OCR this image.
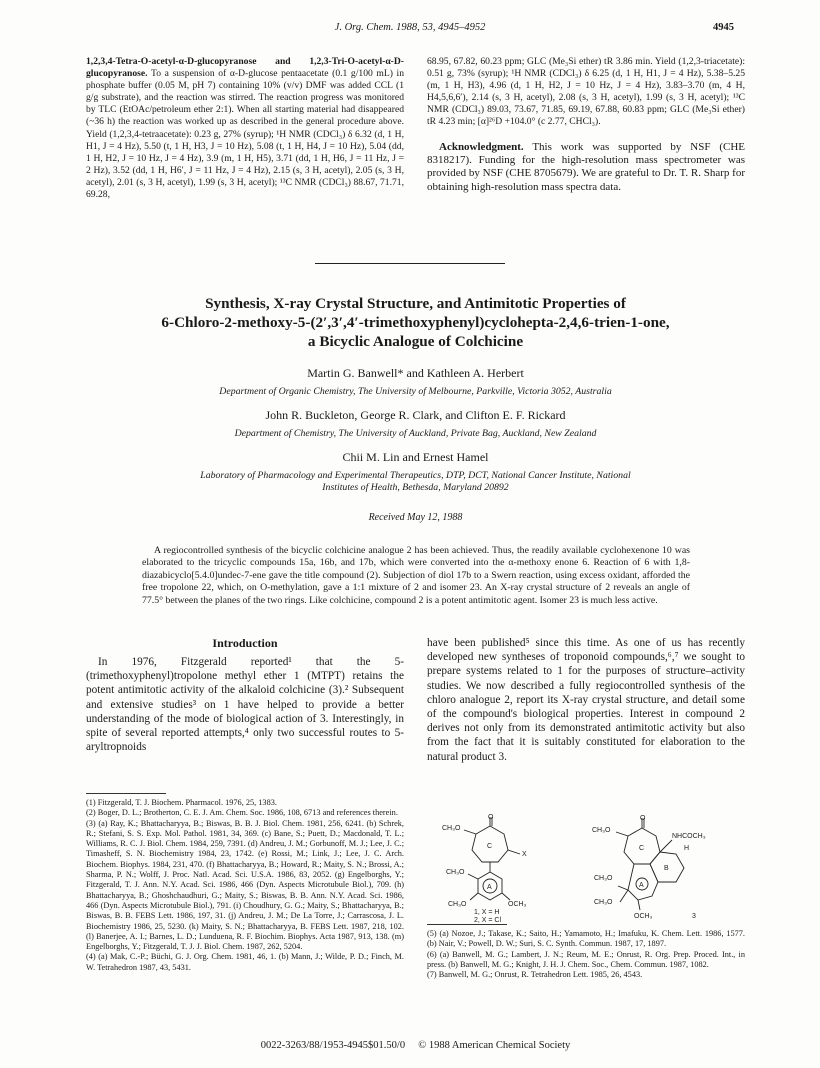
J. Org. Chem. 1988, 53, 4945–4952	4945

1,2,3,4-Tetra-O-acetyl-α-D-glucopyranose and 1,2,3-Tri-O-acetyl-α-D-glucopyranose. To a suspension of α-D-glucose pentaacetate (0.1 g/100 mL) in phosphate buffer (0.05 M, pH 7) containing 10% (v/v) DMF was added CCL (1 g/g substrate), and the reaction was stirred. The reaction progress was monitored by TLC (EtOAc/petroleum ether 2:1). When all starting material had disappeared (~36 h) the reaction was worked up as described in the general procedure above. Yield (1,2,3,4-tetraacetate): 0.23 g, 27% (syrup); ¹H NMR (CDCl₃) δ 6.32 (d, 1 H, H1, J = 4 Hz), 5.50 (t, 1 H, H3, J = 10 Hz), 5.08 (t, 1 H, H4, J = 10 Hz), 5.04 (dd, 1 H, H2, J = 10 Hz, J = 4 Hz), 3.9 (m, 1 H, H5), 3.71 (dd, 1 H, H6, J = 11 Hz, J = 2 Hz), 3.52 (dd, 1 H, H6′, J = 11 Hz, J = 4 Hz), 2.15 (s, 3 H, acetyl), 2.05 (s, 3 H, acetyl), 2.01 (s, 3 H, acetyl), 1.99 (s, 3 H, acetyl); ¹³C NMR (CDCl₃) 88.67, 71.71, 69.28,

68.95, 67.82, 60.23 ppm; GLC (Me₃Si ether) tR 3.86 min. Yield (1,2,3-triacetate): 0.51 g, 73% (syrup); ¹H NMR (CDCl₃) δ 6.25 (d, 1 H, H1, J = 4 Hz), 5.38–5.25 (m, 1 H, H3), 4.96 (d, 1 H, H2, J = 10 Hz, J = 4 Hz), 3.83–3.70 (m, 4 H, H4,5,6,6′), 2.14 (s, 3 H, acetyl), 2.08 (s, 3 H, acetyl), 1.99 (s, 3 H, acetyl); ¹³C NMR (CDCl₃) 89.03, 73.67, 71.85, 69.19, 67.88, 60.83 ppm; GLC (Me₃Si ether) tR 4.23 min; [α]²⁶D +104.0° (c 2.77, CHCl₃).

Acknowledgment. This work was supported by NSF (CHE 8318217). Funding for the high-resolution mass spectrometer was provided by NSF (CHE 8705679). We are grateful to Dr. T. R. Sharp for obtaining high-resolution mass spectra data.

Synthesis, X-ray Crystal Structure, and Antimitotic Properties of
6-Chloro-2-methoxy-5-(2′,3′,4′-trimethoxyphenyl)cyclohepta-2,4,6-trien-1-one,
a Bicyclic Analogue of Colchicine
Martin G. Banwell* and Kathleen A. Herbert
Department of Organic Chemistry, The University of Melbourne, Parkville, Victoria 3052, Australia
John R. Buckleton, George R. Clark, and Clifton E. F. Rickard
Department of Chemistry, The University of Auckland, Private Bag, Auckland, New Zealand
Chii M. Lin and Ernest Hamel
Laboratory of Pharmacology and Experimental Therapeutics, DTP, DCT, National Cancer Institute, National
Institutes of Health, Bethesda, Maryland 20892
Received May 12, 1988
A regiocontrolled synthesis of the bicyclic colchicine analogue 2 has been achieved. Thus, the readily available cyclohexenone 10 was elaborated to the tricyclic compounds 15a, 16b, and 17b, which were converted into the α-methoxy enone 6. Reaction of 6 with 1,8-diazabicyclo[5.4.0]undec-7-ene gave the title compound (2). Subjection of diol 17b to a Swern reaction, using excess oxidant, afforded the free tropolone 22, which, on O-methylation, gave a 1:1 mixture of 2 and isomer 23. An X-ray crystal structure of 2 reveals an angle of 77.5° between the planes of the two rings. Like colchicine, compound 2 is a potent antimitotic agent. Isomer 23 is much less active.
Introduction
In 1976, Fitzgerald reported¹ that the 5-(trimethoxyphenyl)tropolone methyl ether 1 (MTPT) retains the potent antimitotic activity of the alkaloid colchicine (3).² Subsequent and extensive studies³ on 1 have helped to provide a better understanding of the mode of biological action of 3. Interestingly, in spite of several reported attempts,⁴ only two successful routes to 5-aryltropnoids
have been published⁵ since this time. As one of us has recently developed new syntheses of troponoid compounds,⁶,⁷ we sought to prepare systems related to 1 for the purposes of structure–activity studies. We now described a fully regiocontrolled synthesis of the chloro analogue 2, report its X-ray crystal structure, and detail some of the compound's biological properties. Interest in compound 2 derives not only from its demonstrated antimitotic activity but also from the fact that it is suitably constituted for elaboration to the natural product 3.
O
CH₃O
C
X
A
CH₃O
CH₃O	OCH₃
1, X = H
2, X = Cl
O
CH₃O
NHCOCH₃
H
C
B
A
CH₃O
CH₃O
OCH₃	3

(1) Fitzgerald, T. J. Biochem. Pharmacol. 1976, 25, 1383.

(2) Boger, D. L.; Brotherton, C. E. J. Am. Chem. Soc. 1986, 108, 6713 and references therein.

(3) (a) Ray, K.; Bhattacharyya, B.; Biswas, B. B. J. Biol. Chem. 1981, 256, 6241. (b) Schrek, R.; Stefani, S. S. Exp. Mol. Pathol. 1981, 34, 369. (c) Bane, S.; Puett, D.; Macdonald, T. L.; Williams, R. C. J. Biol. Chem. 1984, 259, 7391. (d) Andreu, J. M.; Gorbunoff, M. J.; Lee, J. C.; Timasheff, S. N. Biochemistry 1984, 23, 1742. (e) Rossi, M.; Link, J.; Lee, J. C. Arch. Biochem. Biophys. 1984, 231, 470. (f) Bhattacharyya, B.; Howard, R.; Maity, S. N.; Brossi, A.; Sharma, P. N.; Wolff, J. Proc. Natl. Acad. Sci. U.S.A. 1986, 83, 2052. (g) Engelborghs, Y.; Fitzgerald, T. J. Ann. N.Y. Acad. Sci. 1986, 466 (Dyn. Aspects Microtubule Biol.), 709. (h) Bhattacharyya, B.; Ghoshchaudhuri, G.; Maity, S.; Biswas, B. B. Ann. N.Y. Acad. Sci. 1986, 466 (Dyn. Aspects Microtubule Biol.), 791. (i) Choudhury, G. G.; Maity, S.; Bhattacharyya, B.; Biswas, B. B. FEBS Lett. 1986, 197, 31. (j) Andreu, J. M.; De La Torre, J.; Carrascosa, J. L. Biochemistry 1986, 25, 5230. (k) Maity, S. N.; Bhattacharyya, B. FEBS Lett. 1987, 218, 102. (l) Banerjee, A. I.; Barnes, L. D.; Lunduena, R. F. Biochim. Biophys. Acta 1987, 913, 138. (m) Engelborghs, Y.; Fitzgerald, T. J. J. Biol. Chem. 1987, 262, 5204.

(4) (a) Mak, C.-P.; Büchi, G. J. Org. Chem. 1981, 46, 1. (b) Mann, J.; Wilde, P. D.; Finch, M. W. Tetrahedron 1987, 43, 5431.

(5) (a) Nozoe, J.; Takase, K.; Saito, H.; Yamamoto, H.; Imafuku, K. Chem. Lett. 1986, 1577. (b) Nair, V.; Powell, D. W.; Suri, S. C. Synth. Commun. 1987, 17, 1897.

(6) (a) Banwell, M. G.; Lambert, J. N.; Reum, M. E.; Onrust, R. Org. Prep. Proced. Int., in press. (b) Banwell, M. G.; Knight, J. H. J. Chem. Soc., Chem. Commun. 1987, 1082.

(7) Banwell, M. G.; Onrust, R. Tetrahedron Lett. 1985, 26, 4543.

0022-3263/88/1953-4945$01.50/0 © 1988 American Chemical Society
